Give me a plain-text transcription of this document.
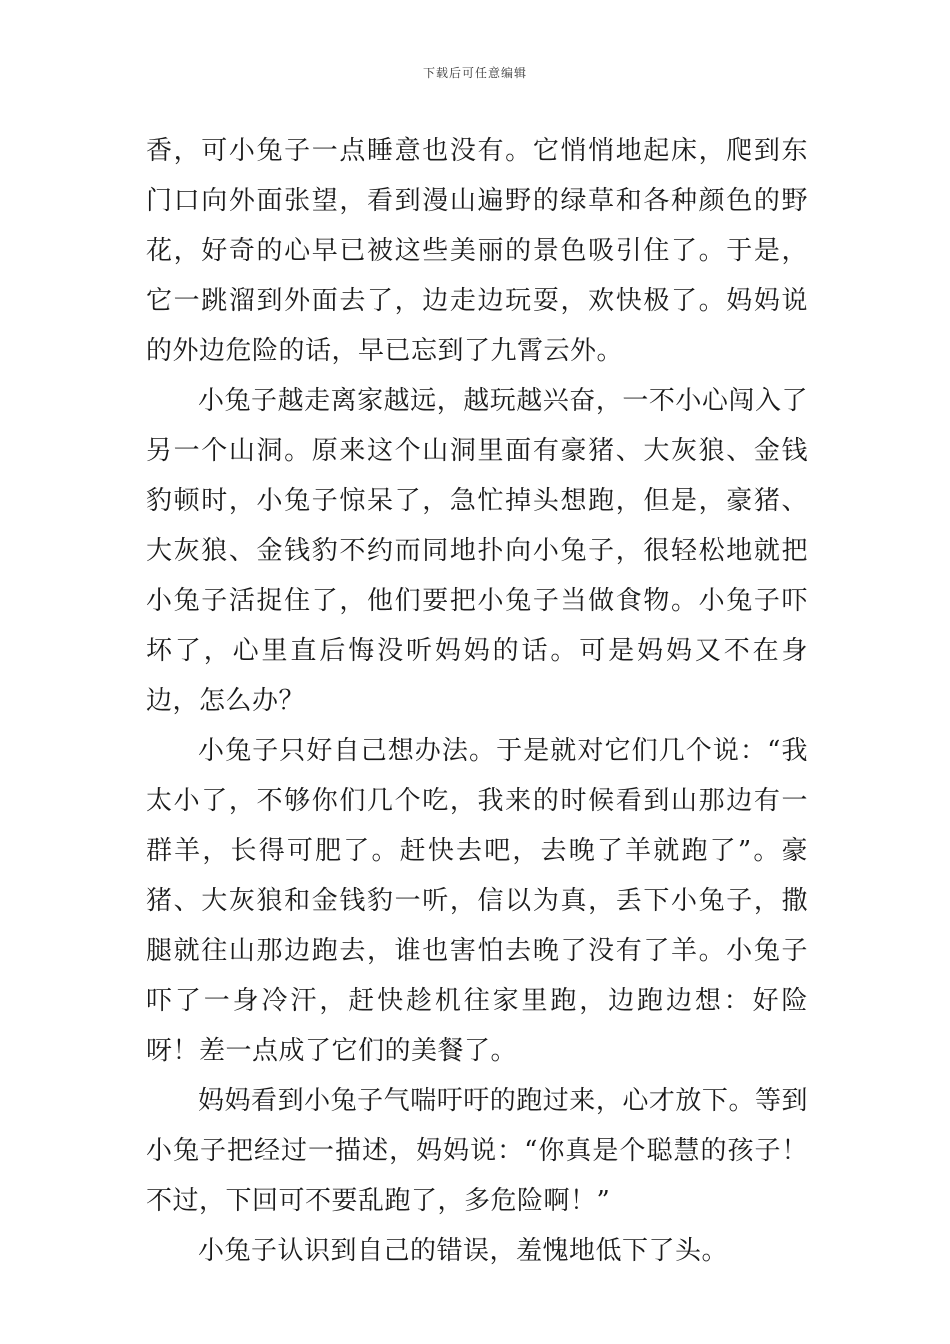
下载后可任意编辑

香，可小兔子一点睡意也没有。它悄悄地起床，爬到东门口向外面张望，看到漫山遍野的绿草和各种颜色的野花，好奇的心早已被这些美丽的景色吸引住了。于是，它一跳溜到外面去了，边走边玩耍，欢快极了。妈妈说的外边危险的话，早已忘到了九霄云外。

小兔子越走离家越远，越玩越兴奋，一不小心闯入了另一个山洞。原来这个山洞里面有豪猪、大灰狼、金钱豹顿时，小兔子惊呆了，急忙掉头想跑，但是，豪猪、大灰狼、金钱豹不约而同地扑向小兔子，很轻松地就把小兔子活捉住了，他们要把小兔子当做食物。小兔子吓坏了，心里直后悔没听妈妈的话。可是妈妈又不在身边，怎么办？

小兔子只好自己想办法。于是就对它们几个说：“我太小了，不够你们几个吃，我来的时候看到山那边有一群羊，长得可肥了。赶快去吧，去晚了羊就跑了”。豪猪、大灰狼和金钱豹一听，信以为真，丢下小兔子，撒腿就往山那边跑去，谁也害怕去晚了没有了羊。小兔子吓了一身冷汗，赶快趁机往家里跑，边跑边想：好险呀！差一点成了它们的美餐了。

妈妈看到小兔子气喘吁吁的跑过来，心才放下。等到小兔子把经过一描述，妈妈说：“你真是个聪慧的孩子！不过，下回可不要乱跑了，多危险啊！”

小兔子认识到自己的错误，羞愧地低下了头。
